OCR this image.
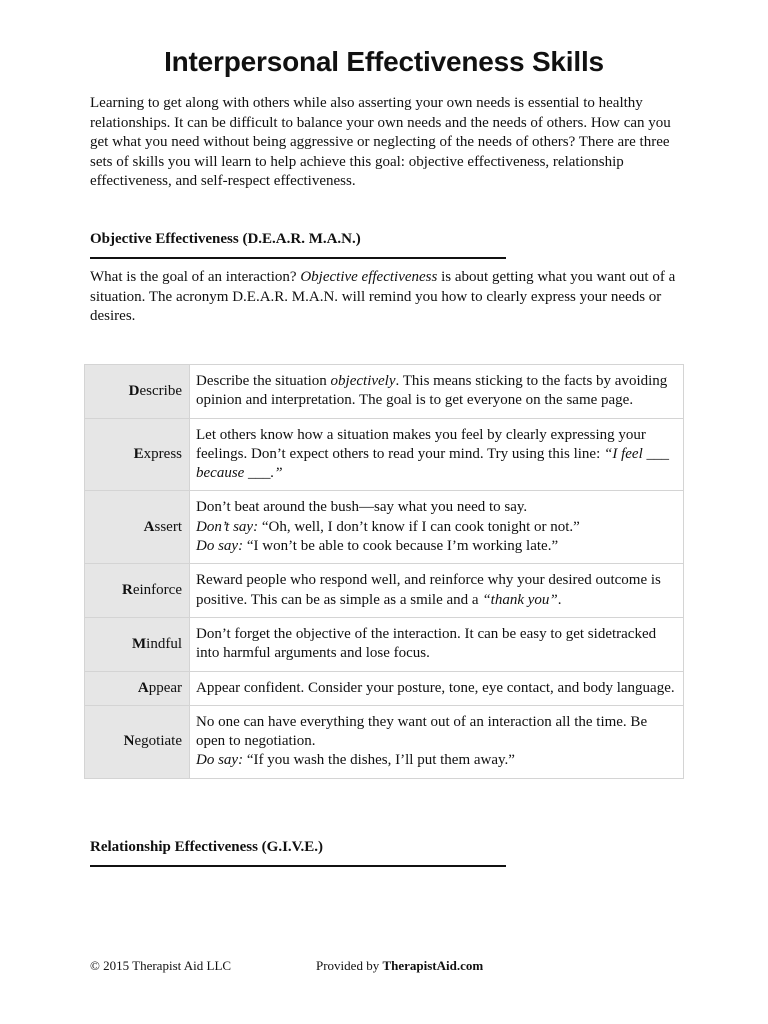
Interpersonal Effectiveness Skills

Learning to get along with others while also asserting your own needs is essential to healthy relationships. It can be difficult to balance your own needs and the needs of others. How can you get what you need without being aggressive or neglecting of the needs of others? There are three sets of skills you will learn to help achieve this goal: objective effectiveness, relationship effectiveness, and self-respect effectiveness.

Objective Effectiveness (D.E.A.R. M.A.N.)

What is the goal of an interaction? Objective effectiveness is about getting what you want out of a situation. The acronym D.E.A.R. M.A.N. will remind you how to clearly express your needs or desires.

Describe	Describe the situation objectively. This means sticking to the facts by avoiding opinion and interpretation. The goal is to get everyone on the same page.
Express	Let others know how a situation makes you feel by clearly expressing your feelings. Don’t expect others to read your mind. Try using this line: “I feel ___ because ___.”
Assert	Don’t beat around the bush—say what you need to say.
Don’t say: “Oh, well, I don’t know if I can cook tonight or not.”
Do say: “I won’t be able to cook because I’m working late.”
Reinforce	Reward people who respond well, and reinforce why your desired outcome is positive. This can be as simple as a smile and a “thank you”.
Mindful	Don’t forget the objective of the interaction. It can be easy to get sidetracked into harmful arguments and lose focus.
Appear	Appear confident. Consider your posture, tone, eye contact, and body language.
Negotiate	No one can have everything they want out of an interaction all the time. Be open to negotiation.
Do say: “If you wash the dishes, I’ll put them away.”
Relationship Effectiveness (G.I.V.E.)

© 2015 Therapist Aid LLC	Provided by TherapistAid.com
